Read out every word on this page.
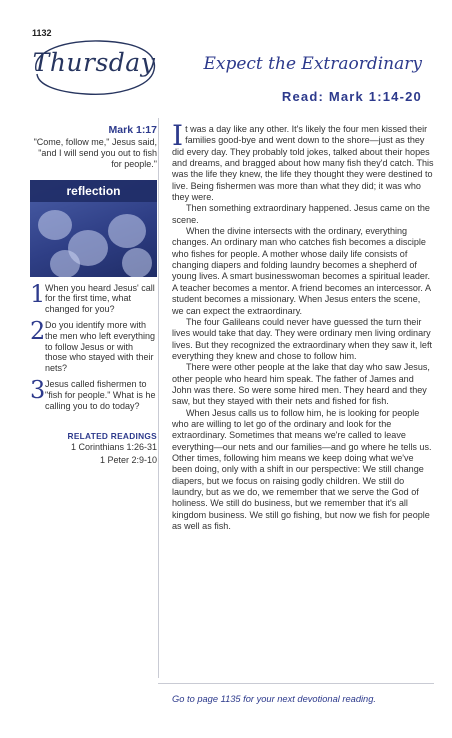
1132
Thursday	Expect the Extraordinary
Read: Mark 1:14-20
Mark 1:17
"Come, follow me," Jesus said, "and I will send you out to fish for people."
reflection
1 When you heard Jesus' call for the first time, what changed for you?
2 Do you identify more with the men who left everything to follow Jesus or with those who stayed with their nets?
3 Jesus called fishermen to "fish for people." What is he calling you to do today?
RELATED READINGS
1 Corinthians 1:26-31
1 Peter 2:9-10

It was a day like any other. It's likely the four men kissed their families good-bye and went down to the shore—just as they did every day. They probably told jokes, talked about their hopes and dreams, and bragged about how many fish they'd catch. This was the life they knew, the life they thought they were destined to live. Being fishermen was more than what they did; it was who they were.

Then something extraordinary happened. Jesus came on the scene.

When the divine intersects with the ordinary, everything changes. An ordinary man who catches fish becomes a disciple who fishes for people. A mother whose daily life consists of changing diapers and folding laundry becomes a shepherd of young lives. A smart businesswoman becomes a spiritual leader. A teacher becomes a mentor. A friend becomes an intercessor. A student becomes a missionary. When Jesus enters the scene, we can expect the extraordinary.

The four Galileans could never have guessed the turn their lives would take that day. They were ordinary men living ordinary lives. But they recognized the extraordinary when they saw it, left everything they knew and chose to follow him.

There were other people at the lake that day who saw Jesus, other people who heard him speak. The father of James and John was there. So were some hired men. They heard and they saw, but they stayed with their nets and fished for fish.

When Jesus calls us to follow him, he is looking for people who are willing to let go of the ordinary and look for the extraordinary. Sometimes that means we're called to leave everything—our nets and our families—and go where he tells us. Other times, following him means we keep doing what we've been doing, only with a shift in our perspective: We still change diapers, but we focus on raising godly children. We still do laundry, but as we do, we remember that we serve the God of holiness. We still do business, but we remember that it's all kingdom business. We still go fishing, but now we fish for people as well as fish.

Go to page 1135 for your next devotional reading.
